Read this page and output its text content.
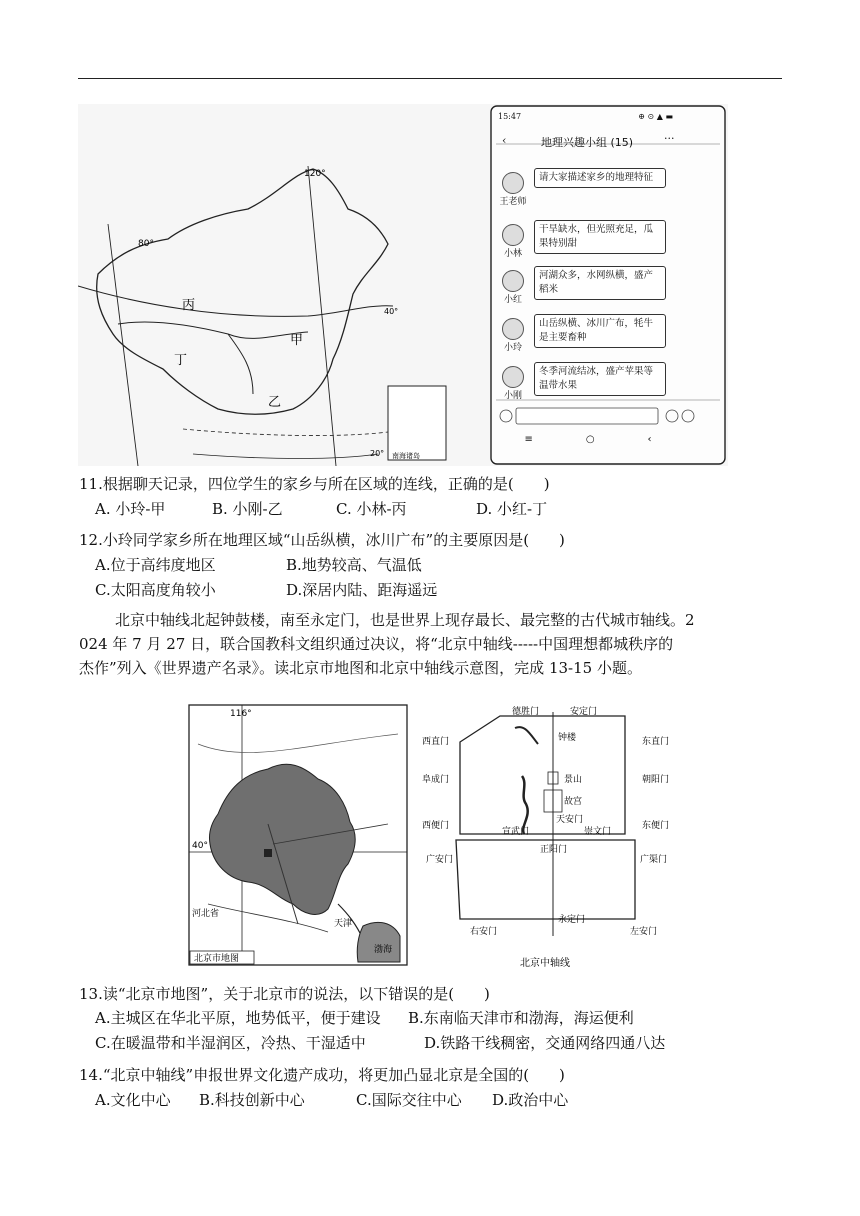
80°
120°
40°
20°
丙
甲
丁
乙
南海诸岛
15:47	⊕ ⊙ ▲ ▬
‹	地理兴趣小组 (15)	···
王老师
请大家描述家乡的地理特征
小林
干旱缺水，但光照充足，瓜果特别甜
小红
河湖众多，水网纵横，盛产稻米
小玲
山岳纵横、冰川广布，牦牛是主要畜种
小刚
冬季河流结冰，盛产苹果等温带水果
≡	○	‹
11.根据聊天记录，四位学生的家乡与所在区域的连线，正确的是(　　)
A. 小玲-甲	B. 小刚-乙	C. 小林-丙	D. 小红-丁
12.小玲同学家乡所在地理区域“山岳纵横，冰川广布”的主要原因是(　　)
A.位于高纬度地区	B.地势较高、气温低
C.太阳高度角较小	D.深居内陆、距海遥远
北京中轴线北起钟鼓楼，南至永定门，也是世界上现存最长、最完整的古代城市轴线。2
024 年 7 月 27 日，联合国教科文组织通过决议，将“北京中轴线-----中国理想都城秩序的
杰作”列入《世界遗产名录》。读北京市地图和北京中轴线示意图，完成 13-15 小题。
116°
40°
河北省
天津
渤海
北京市地图
德胜门	安定门
钟楼
西直门
阜成门
西便门
东直门
朝阳门
东便门
景山
故宫
天安门
宣武门
正阳门
崇文门
广安门	广渠门
右安门
永定门
左安门
北京中轴线
13.读“北京市地图”，关于北京市的说法，以下错误的是(　　)
A.主城区在华北平原，地势低平，便于建设 B.东南临天津市和渤海，海运便利
C.在暖温带和半湿润区，冷热、干湿适中	D.铁路干线稠密，交通网络四通八达
14.“北京中轴线”申报世界文化遗产成功，将更加凸显北京是全国的(　　)
A.文化中心 B.科技创新中心	C.国际交往中心 D.政治中心
